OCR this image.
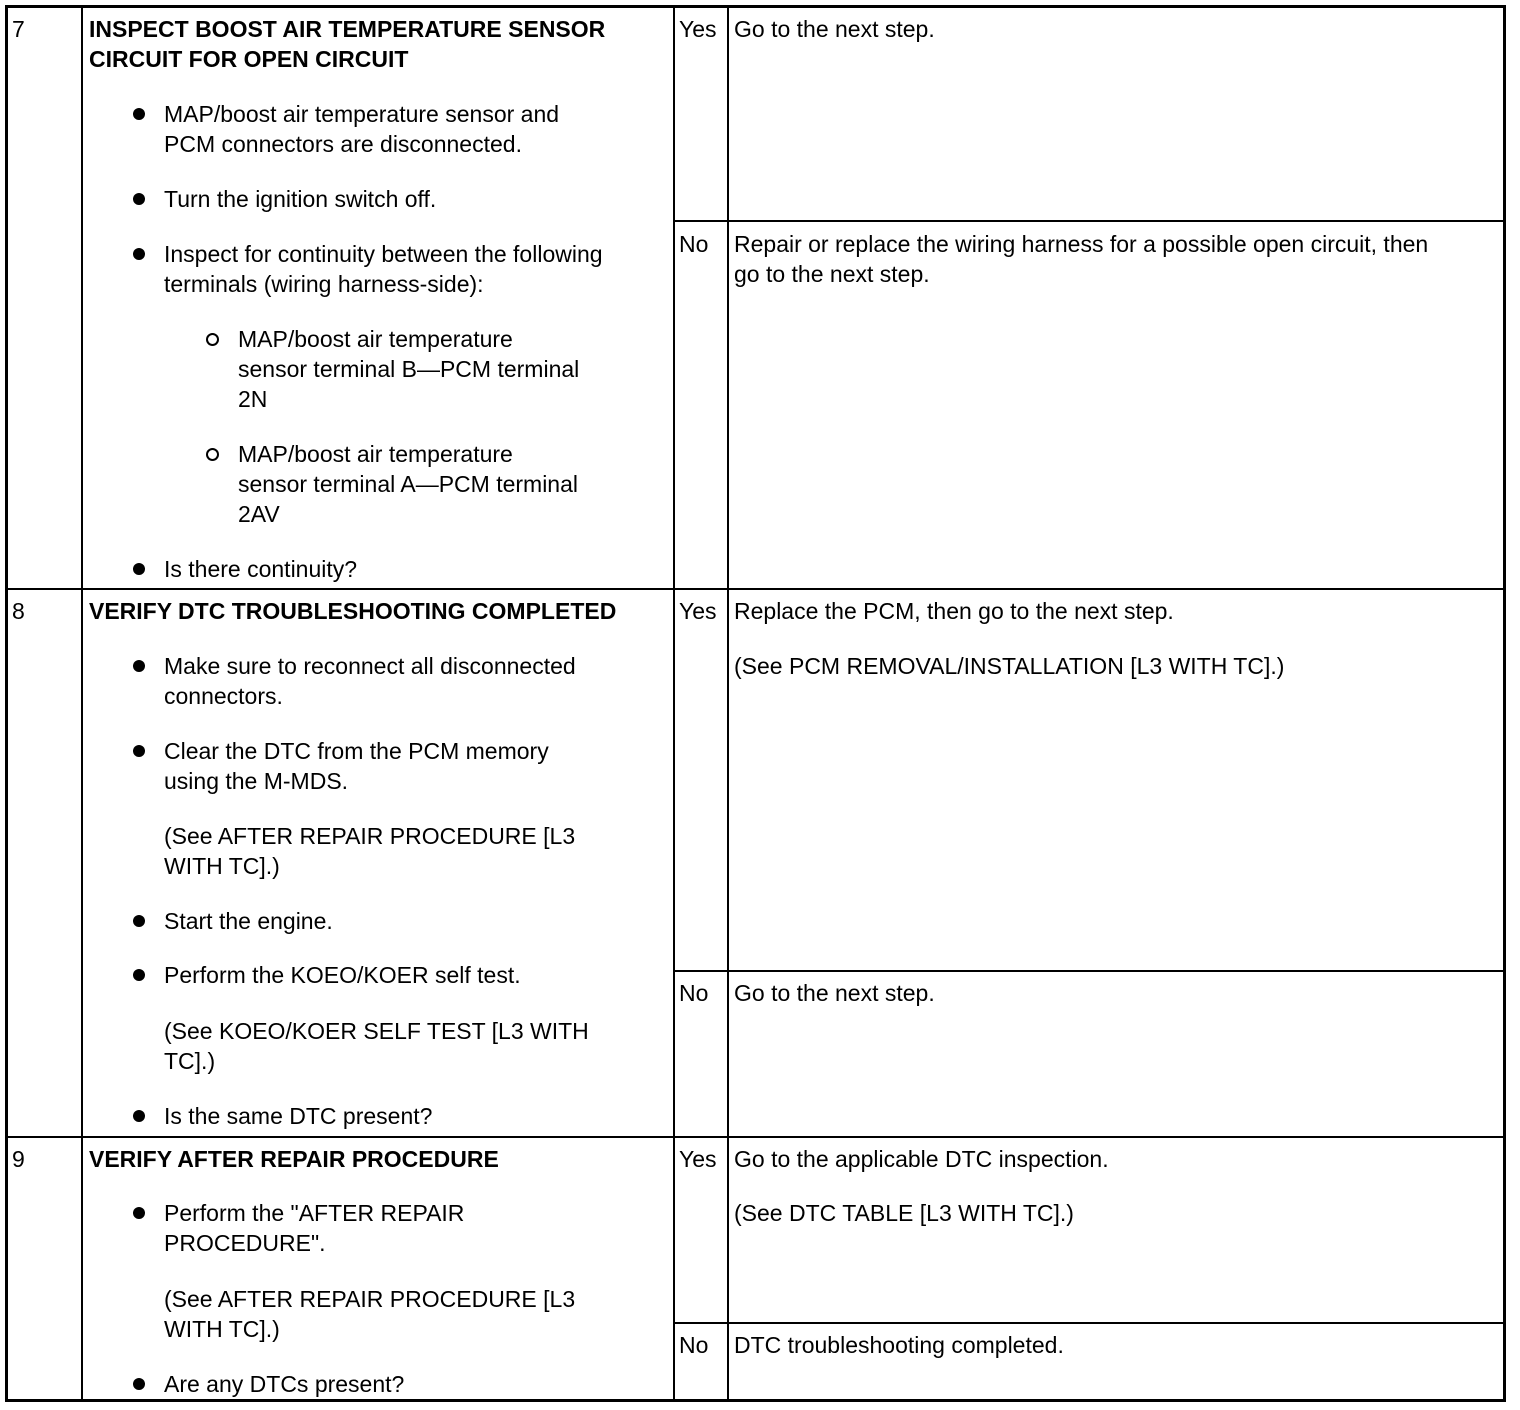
7	INSPECT BOOST AIR TEMPERATURE SENSOR
CIRCUIT FOR OPEN CIRCUIT
MAP/boost air temperature sensor and
PCM connectors are disconnected.
Turn the ignition switch off.
Inspect for continuity between the following
terminals (wiring harness-side):
MAP/boost air temperature
sensor terminal B—PCM terminal
2N
MAP/boost air temperature
sensor terminal A—PCM terminal
2AV
Is there continuity?
Yes Go to the next step.
No Repair or replace the wiring harness for a possible open circuit, then
go to the next step.
8	VERIFY DTC TROUBLESHOOTING COMPLETED
Make sure to reconnect all disconnected
connectors.
Clear the DTC from the PCM memory
using the M-MDS.
(See AFTER REPAIR PROCEDURE [L3
WITH TC].)
Start the engine.
Perform the KOEO/KOER self test.
(See KOEO/KOER SELF TEST [L3 WITH
TC].)
Is the same DTC present?
Yes Replace the PCM, then go to the next step.
(See PCM REMOVAL/INSTALLATION [L3 WITH TC].)
No Go to the next step.
9	VERIFY AFTER REPAIR PROCEDURE
Perform the "AFTER REPAIR
PROCEDURE".
(See AFTER REPAIR PROCEDURE [L3
WITH TC].)
Are any DTCs present?
Yes Go to the applicable DTC inspection.
(See DTC TABLE [L3 WITH TC].)
No DTC troubleshooting completed.
